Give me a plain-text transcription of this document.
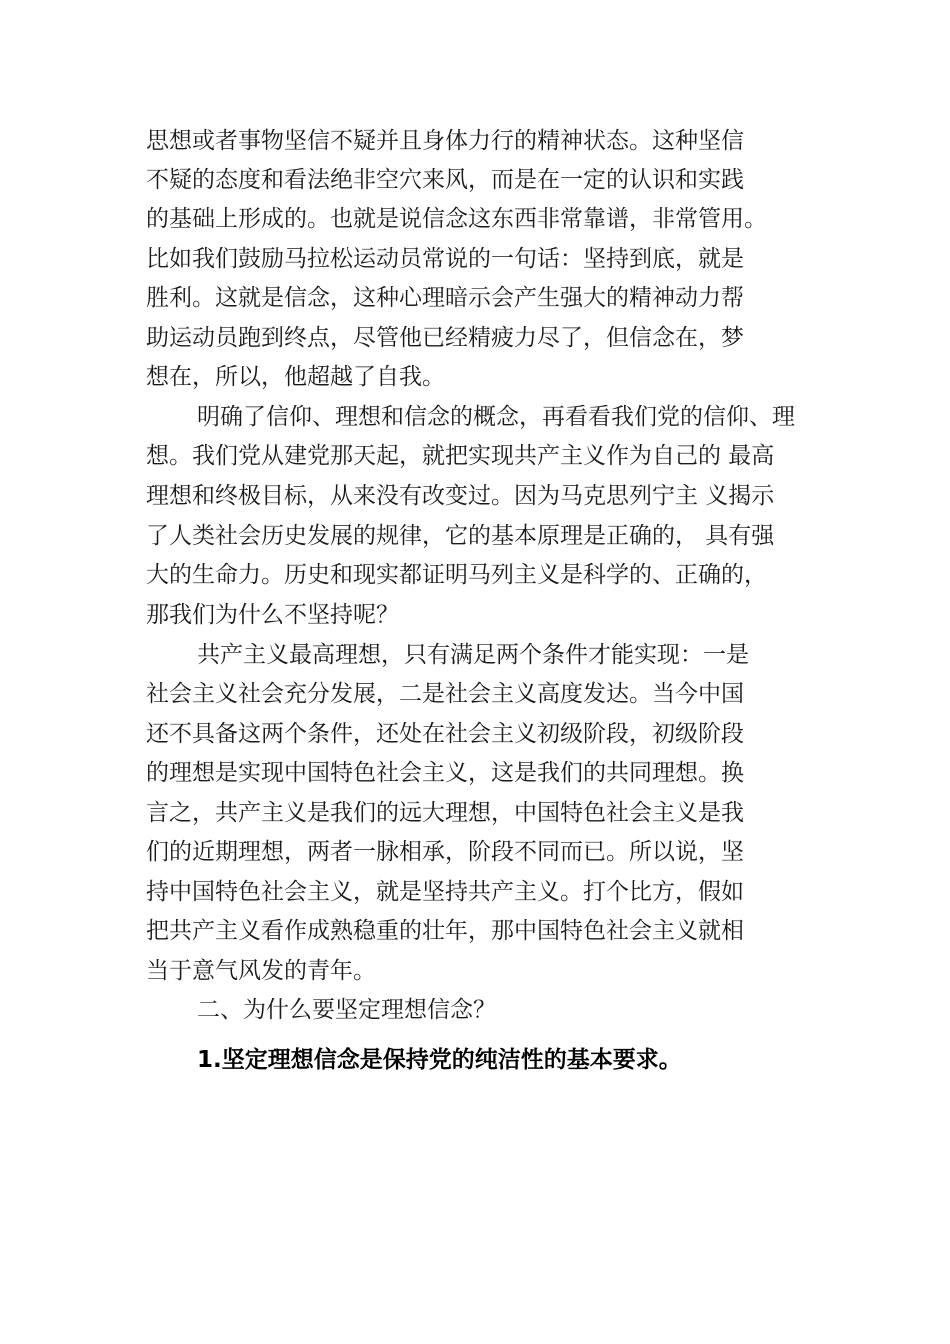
思想或者事物坚信不疑并且身体力行的精神状态。这种坚信
不疑的态度和看法绝非空穴来风，而是在一定的认识和实践
的基础上形成的。也就是说信念这东西非常靠谱，非常管用。
比如我们鼓励马拉松运动员常说的一句话：坚持到底，就是
胜利。这就是信念，这种心理暗示会产生强大的精神动力帮
助运动员跑到终点，尽管他已经精疲力尽了，但信念在，梦
想在，所以，他超越了自我。
明确了信仰、理想和信念的概念，再看看我们党的信仰、理
想。我们党从建党那天起，就把实现共产主义作为自己的 最高
理想和终极目标，从来没有改变过。因为马克思列宁主 义揭示
了人类社会历史发展的规律，它的基本原理是正确的， 具有强
大的生命力。历史和现实都证明马列主义是科学的、正确的，
那我们为什么不坚持呢？
共产主义最高理想，只有满足两个条件才能实现：一是
社会主义社会充分发展，二是社会主义高度发达。当今中国
还不具备这两个条件，还处在社会主义初级阶段，初级阶段
的理想是实现中国特色社会主义，这是我们的共同理想。换
言之，共产主义是我们的远大理想，中国特色社会主义是我
们的近期理想，两者一脉相承，阶段不同而已。所以说，坚
持中国特色社会主义，就是坚持共产主义。打个比方，假如
把共产主义看作成熟稳重的壮年，那中国特色社会主义就相
当于意气风发的青年。
二、为什么要坚定理想信念？
1.坚定理想信念是保持党的纯洁性的基本要求。
